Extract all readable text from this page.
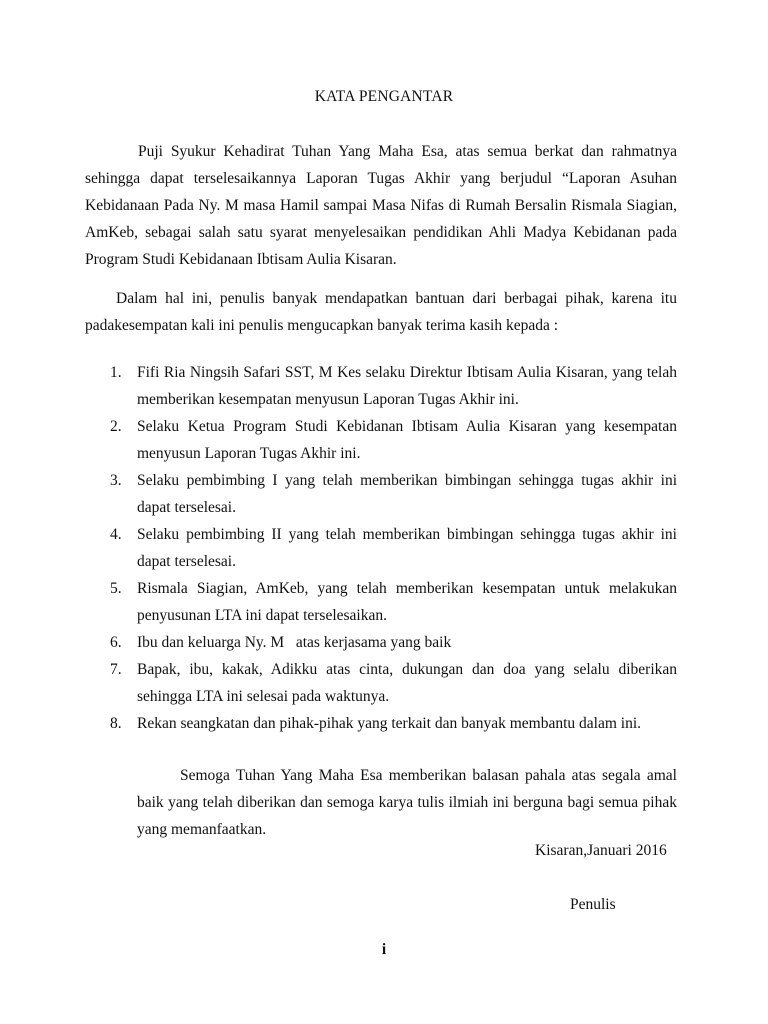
KATA PENGANTAR

Puji Syukur Kehadirat Tuhan Yang Maha Esa, atas semua berkat dan rahmatnya sehingga dapat terselesaikannya Laporan Tugas Akhir yang berjudul “Laporan Asuhan Kebidanaan Pada Ny. M masa Hamil sampai Masa Nifas di Rumah Bersalin Rismala Siagian, AmKeb, sebagai salah satu syarat menyelesaikan pendidikan Ahli Madya Kebidanan pada Program Studi Kebidanaan Ibtisam Aulia Kisaran.

Dalam hal ini, penulis banyak mendapatkan bantuan dari berbagai pihak, karena itu padakesempatan kali ini penulis mengucapkan banyak terima kasih kepada :

1. Fifi Ria Ningsih Safari SST, M Kes selaku Direktur Ibtisam Aulia Kisaran, yang telah memberikan kesempatan menyusun Laporan Tugas Akhir ini.
2. Selaku Ketua Program Studi Kebidanan Ibtisam Aulia Kisaran yang kesempatan menyusun Laporan Tugas Akhir ini.
3. Selaku pembimbing I yang telah memberikan bimbingan sehingga tugas akhir ini dapat terselesai.
4. Selaku pembimbing II yang telah memberikan bimbingan sehingga tugas akhir ini dapat terselesai.
5. Rismala Siagian, AmKeb, yang telah memberikan kesempatan untuk melakukan penyusunan LTA ini dapat terselesaikan.
6. Ibu dan keluarga Ny. M   atas kerjasama yang baik
7. Bapak, ibu, kakak, Adikku atas cinta, dukungan dan doa yang selalu diberikan sehingga LTA ini selesai pada waktunya.
8. Rekan seangkatan dan pihak-pihak yang terkait dan banyak membantu dalam ini.

Semoga Tuhan Yang Maha Esa memberikan balasan pahala atas segala amal baik yang telah diberikan dan semoga karya tulis ilmiah ini berguna bagi semua pihak yang memanfaatkan.

Kisaran,Januari 2016
Penulis
i
